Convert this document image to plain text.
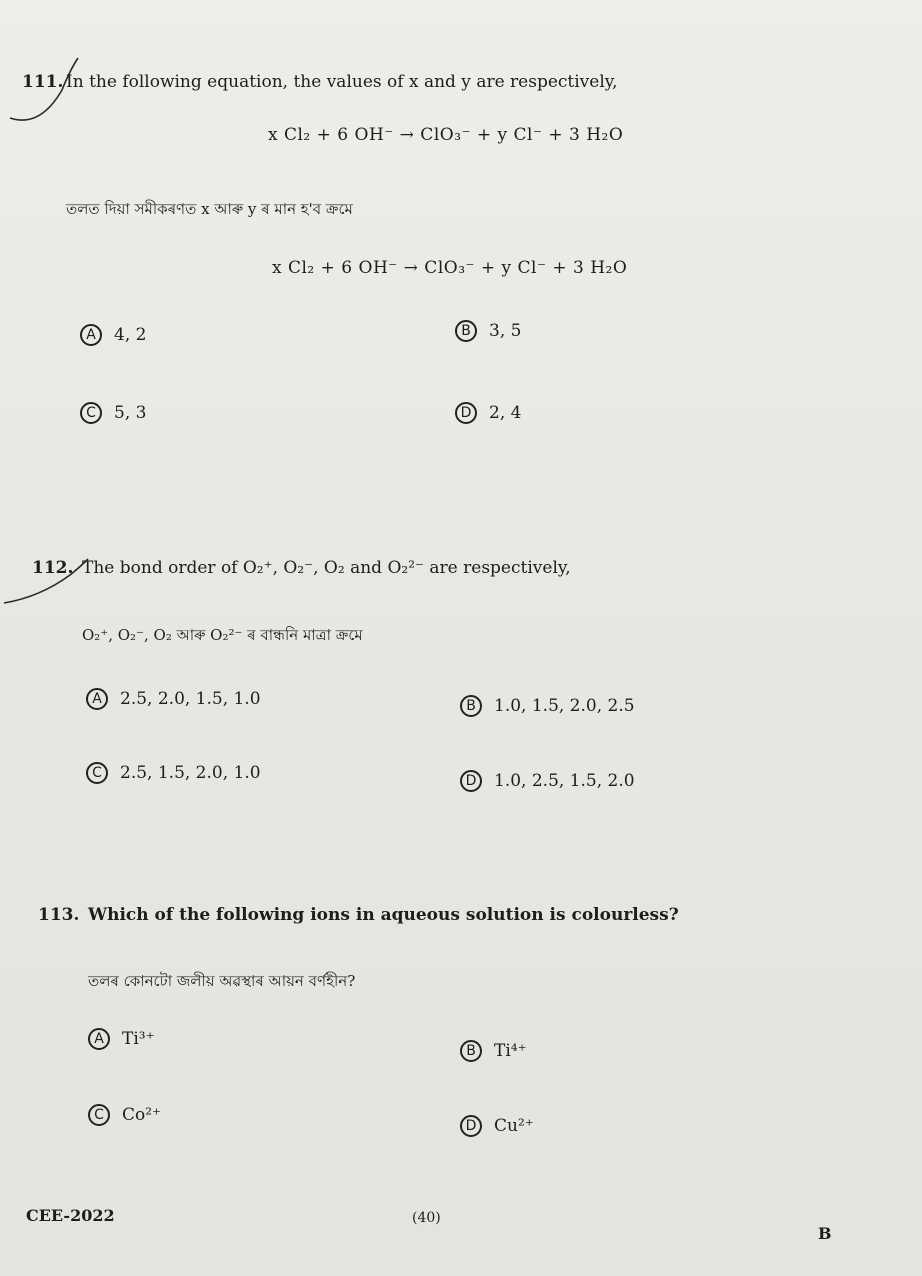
111. In the following equation, the values of x and y are respectively,
x Cl₂ + 6 OH⁻ → ClO₃⁻ + y Cl⁻ + 3 H₂O
তলত দিয়া সমীকৰণত x আৰু y ৰ মান হ'ব ক্ৰমে
x Cl₂ + 6 OH⁻ → ClO₃⁻ + y Cl⁻ + 3 H₂O
A	4, 2	B	3, 5
C	5, 3	D	2, 4
112. The bond order of O₂⁺, O₂⁻, O₂ and O₂²⁻ are respectively,
O₂⁺, O₂⁻, O₂ আৰু O₂²⁻ ৰ বান্ধনি মাত্ৰা ক্ৰমে
A	2.5, 2.0, 1.5, 1.0	B	1.0, 1.5, 2.0, 2.5
C	2.5, 1.5, 2.0, 1.0	D	1.0, 2.5, 1.5, 2.0
113. Which of the following ions in aqueous solution is colourless?
তলৰ কোনটো জলীয় অৱস্থাৰ আয়ন বৰ্ণহীন?
A	Ti³⁺
B	Ti⁴⁺
C	Co²⁺
D	Cu²⁺
CEE-2022	(40)
B
